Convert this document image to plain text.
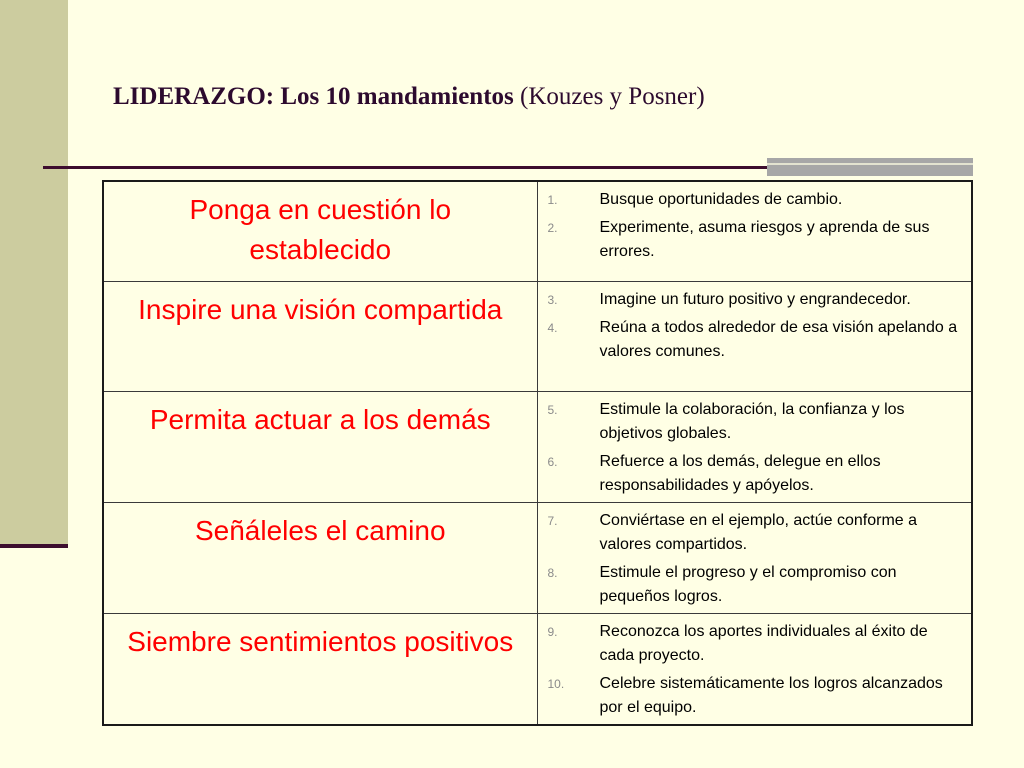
LIDERAZGO: Los 10 mandamientos (Kouzes y Posner)
Ponga en cuestión lo establecido	1. Busque oportunidades de cambio.
2. Experimente, asuma riesgos y aprenda de sus errores.

Inspire una visión compartida	3. Imagine un futuro positivo y engrandecedor.
4. Reúna a todos alrededor de esa visión apelando a valores comunes.

Permita actuar a los demás	5. Estimule la colaboración, la confianza y los objetivos globales.
6. Refuerce a los demás, delegue en ellos responsabilidades y apóyelos.

Señáleles el camino	7. Conviértase en el ejemplo, actúe conforme a valores compartidos.
8. Estimule el progreso y el compromiso con pequeños logros.

Siembre sentimientos positivos	9. Reconozca los aportes individuales al éxito de cada proyecto.
10. Celebre sistemáticamente los logros alcanzados por el equipo.
